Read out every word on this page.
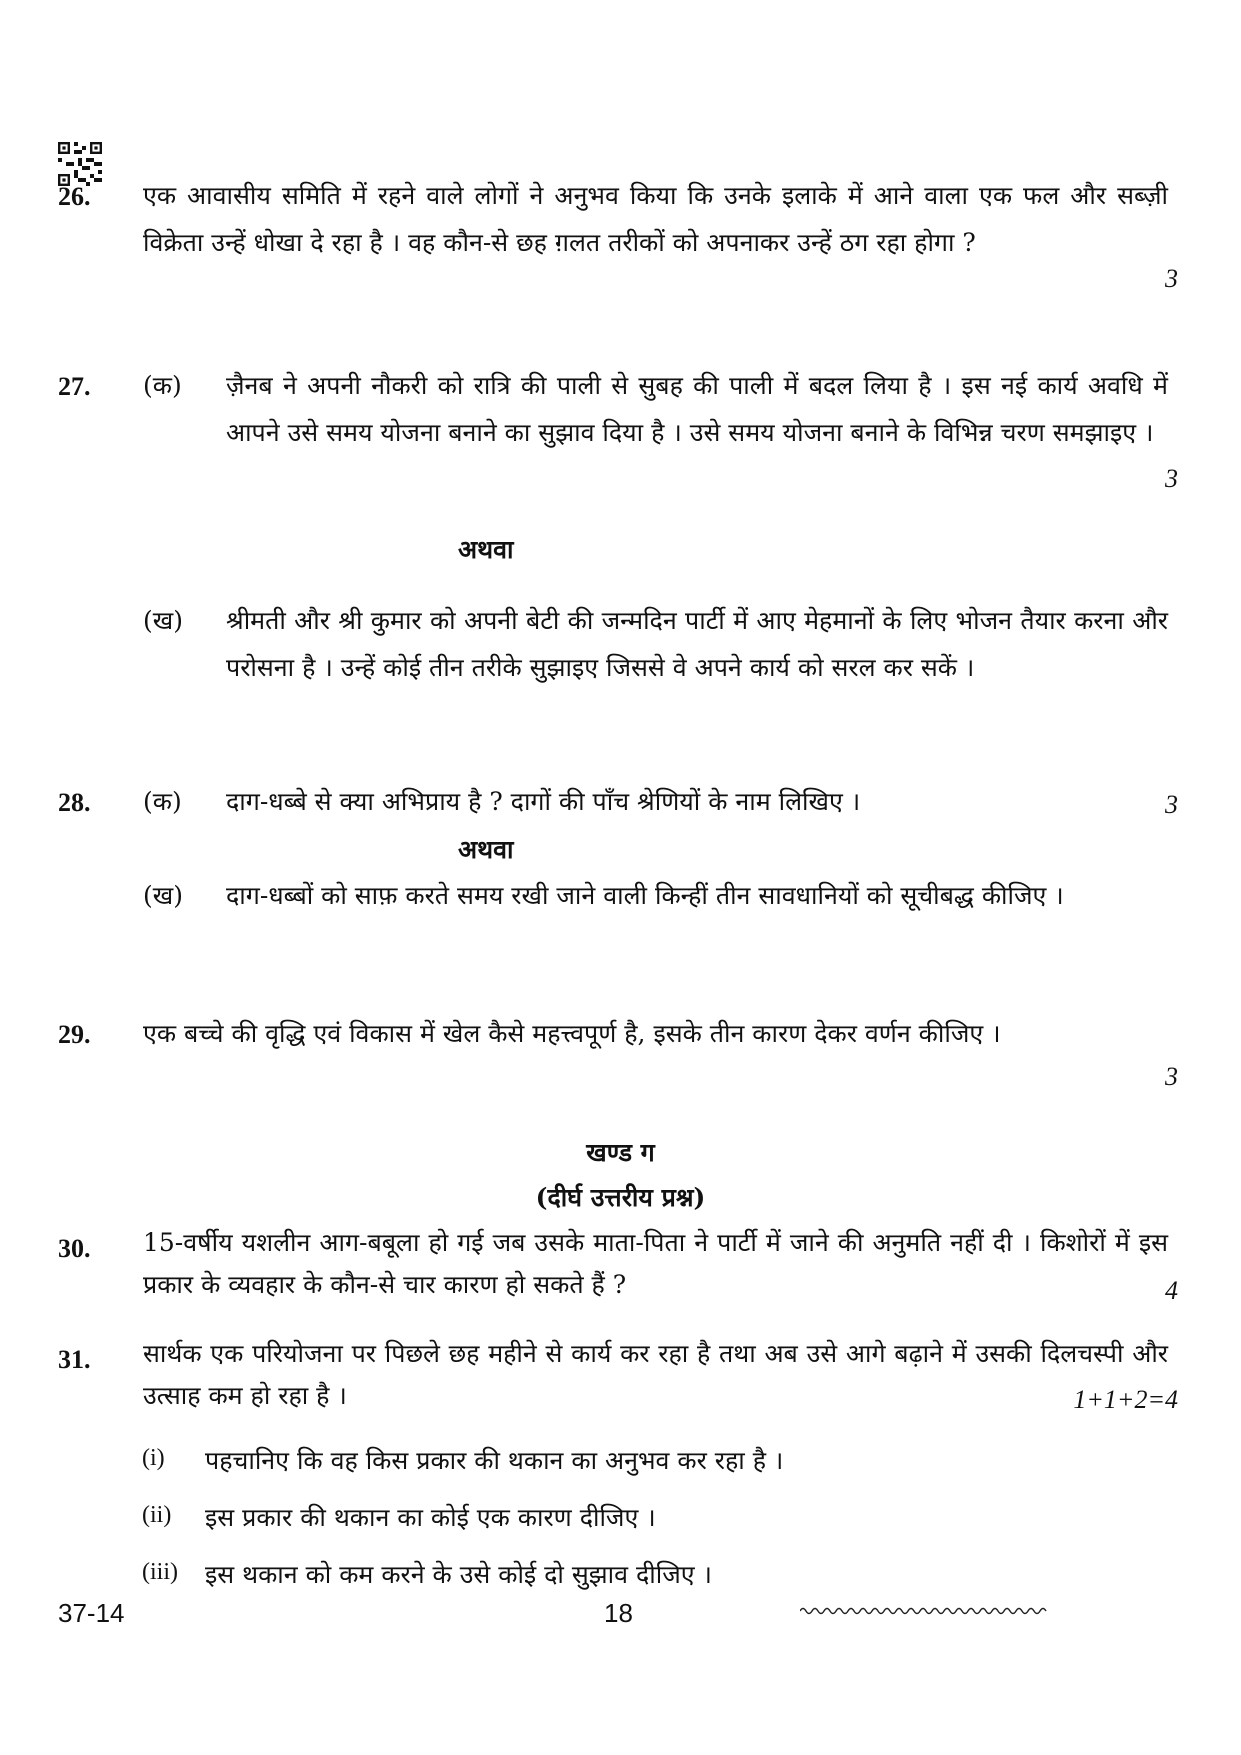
26. एक आवासीय समिति में रहने वाले लोगों ने अनुभव किया कि उनके इलाके में आने वाला एक फल और सब्ज़ी विक्रेता उन्हें धोखा दे रहा है । वह कौन-से छह ग़लत तरीकों को अपनाकर उन्हें ठग रहा होगा ?
3
27. (क) ज़ैनब ने अपनी नौकरी को रात्रि की पाली से सुबह की पाली में बदल लिया है । इस नई कार्य अवधि में आपने उसे समय योजना बनाने का सुझाव दिया है । उसे समय योजना बनाने के विभिन्न चरण समझाइए ।
3
अथवा
(ख) श्रीमती और श्री कुमार को अपनी बेटी की जन्मदिन पार्टी में आए मेहमानों के लिए भोजन तैयार करना और परोसना है । उन्हें कोई तीन तरीके सुझाइए जिससे वे अपने कार्य को सरल कर सकें ।
28. (क) दाग-धब्बे से क्या अभिप्राय है ? दागों की पाँच श्रेणियों के नाम लिखिए ।	3
अथवा
(ख) दाग-धब्बों को साफ़ करते समय रखी जाने वाली किन्हीं तीन सावधानियों को सूचीबद्ध कीजिए ।
29. एक बच्चे की वृद्धि एवं विकास में खेल कैसे महत्त्वपूर्ण है, इसके तीन कारण देकर वर्णन कीजिए ।
3
खण्ड ग
(दीर्घ उत्तरीय प्रश्न)
30. 15-वर्षीय यशलीन आग-बबूला हो गई जब उसके माता-पिता ने पार्टी में जाने की अनुमति नहीं दी । किशोरों में इस प्रकार के व्यवहार के कौन-से चार कारण हो सकते हैं ?	4
31. सार्थक एक परियोजना पर पिछले छह महीने से कार्य कर रहा है तथा अब उसे आगे बढ़ाने में उसकी दिलचस्पी और उत्साह कम हो रहा है ।	1+1+2=4
(i) पहचानिए कि वह किस प्रकार की थकान का अनुभव कर रहा है ।
(ii) इस प्रकार की थकान का कोई एक कारण दीजिए ।
(iii) इस थकान को कम करने के उसे कोई दो सुझाव दीजिए ।
37-14	18
